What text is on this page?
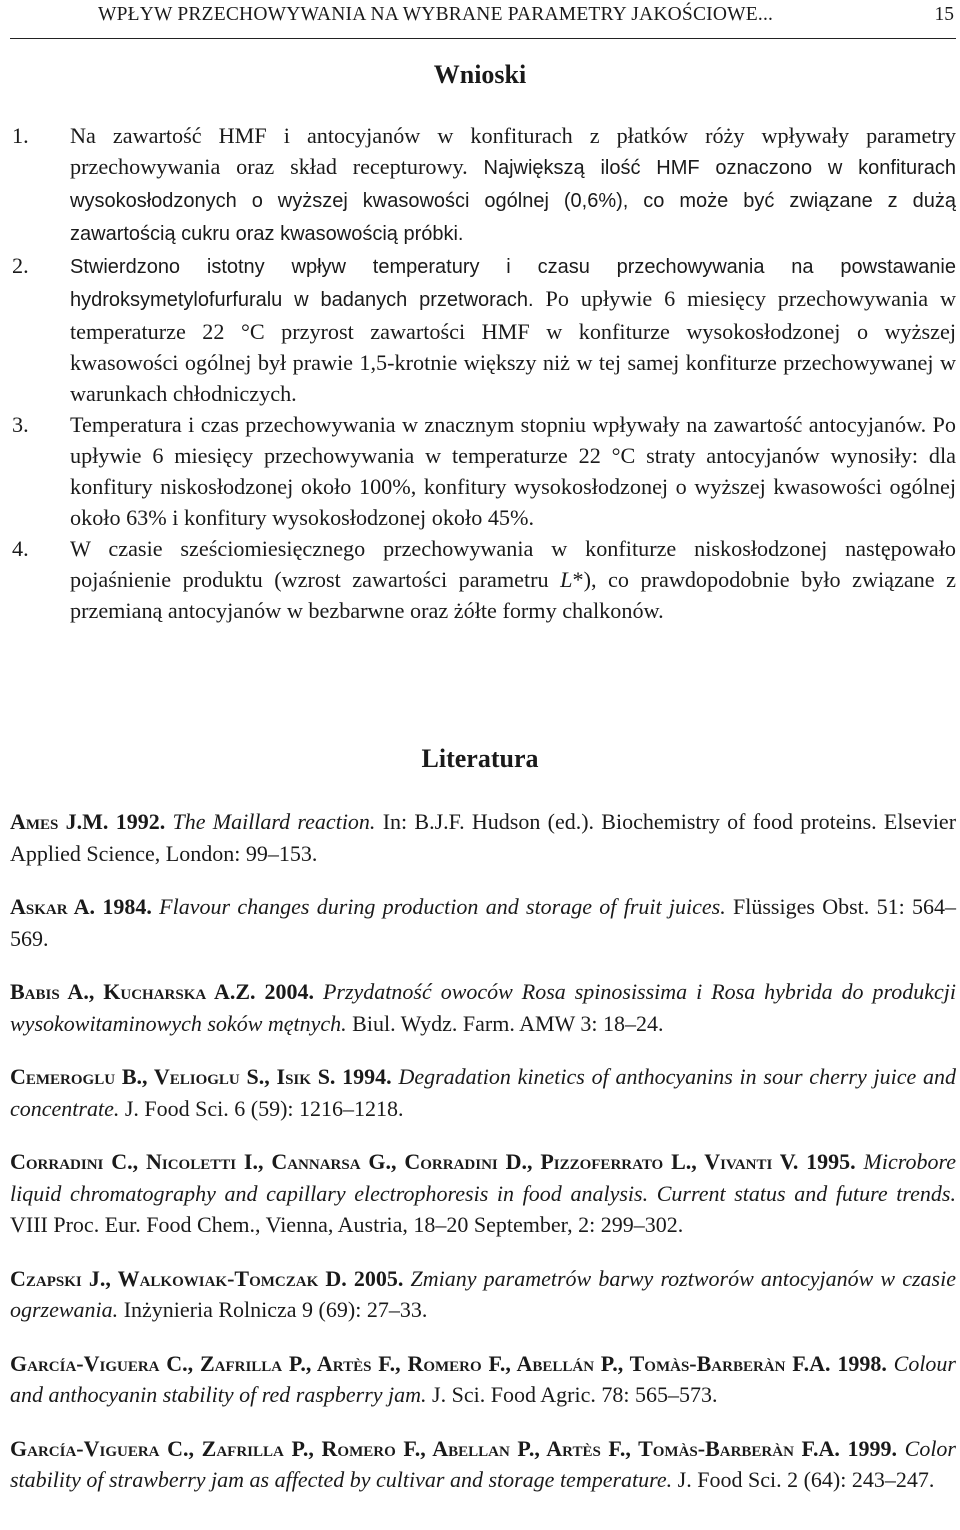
WPŁYW PRZECHOWYWANIA NA WYBRANE PARAMETRY JAKOŚCIOWE...	15
Wnioski
1. Na zawartość HMF i antocyjanów w konfiturach z płatków róży wpływały parametry przechowywania oraz skład recepturowy. Największą ilość HMF oznaczono w konfiturach wysokosłodzonych o wyższej kwasowości ogólnej (0,6%), co może być związane z dużą zawartością cukru oraz kwasowością próbki.
2. Stwierdzono istotny wpływ temperatury i czasu przechowywania na powstawanie hydroksymetylofurfuralu w badanych przetworach. Po upływie 6 miesięcy przechowywania w temperaturze 22 °C przyrost zawartości HMF w konfiturze wysokosłodzonej o wyższej kwasowości ogólnej był prawie 1,5-krotnie większy niż w tej samej konfiturze przechowywanej w warunkach chłodniczych.
3. Temperatura i czas przechowywania w znacznym stopniu wpływały na zawartość antocyjanów. Po upływie 6 miesięcy przechowywania w temperaturze 22 °C straty antocyjanów wynosiły: dla konfitury niskosłodzonej około 100%, konfitury wysokosłodzonej o wyższej kwasowości ogólnej około 63% i konfitury wysokosłodzonej około 45%.
4. W czasie sześciomiesięcznego przechowywania w konfiturze niskosłodzonej następowało pojaśnienie produktu (wzrost zawartości parametru L*), co prawdopodobnie było związane z przemianą antocyjanów w bezbarwne oraz żółte formy chalkonów.
Literatura

Ames J.M. 1992. The Maillard reaction. In: B.J.F. Hudson (ed.). Biochemistry of food proteins. Elsevier Applied Science, London: 99–153.

Askar A. 1984. Flavour changes during production and storage of fruit juices. Flüssiges Obst. 51: 564–569.

Babis A., Kucharska A.Z. 2004. Przydatność owoców Rosa spinosissima i Rosa hybrida do produkcji wysokowitaminowych soków mętnych. Biul. Wydz. Farm. AMW 3: 18–24.

Cemeroglu B., Velioglu S., Isik S. 1994. Degradation kinetics of anthocyanins in sour cherry juice and concentrate. J. Food Sci. 6 (59): 1216–1218.

Corradini C., Nicoletti I., Cannarsa G., Corradini D., Pizzoferrato L., Vivanti V. 1995. Microbore liquid chromatography and capillary electrophoresis in food analysis. Current status and future trends. VIII Proc. Eur. Food Chem., Vienna, Austria, 18–20 September, 2: 299–302.

Czapski J., Walkowiak-Tomczak D. 2005. Zmiany parametrów barwy roztworów antocyjanów w czasie ogrzewania. Inżynieria Rolnicza 9 (69): 27–33.

García-Viguera C., Zafrilla P., Artès F., Romero F., Abellán P., Tomàs-Barberàn F.A. 1998. Colour and anthocyanin stability of red raspberry jam. J. Sci. Food Agric. 78: 565–573.

García-Viguera C., Zafrilla P., Romero F., Abellan P., Artès F., Tomàs-Barberàn F.A. 1999. Color stability of strawberry jam as affected by cultivar and storage temperature. J. Food Sci. 2 (64): 243–247.
